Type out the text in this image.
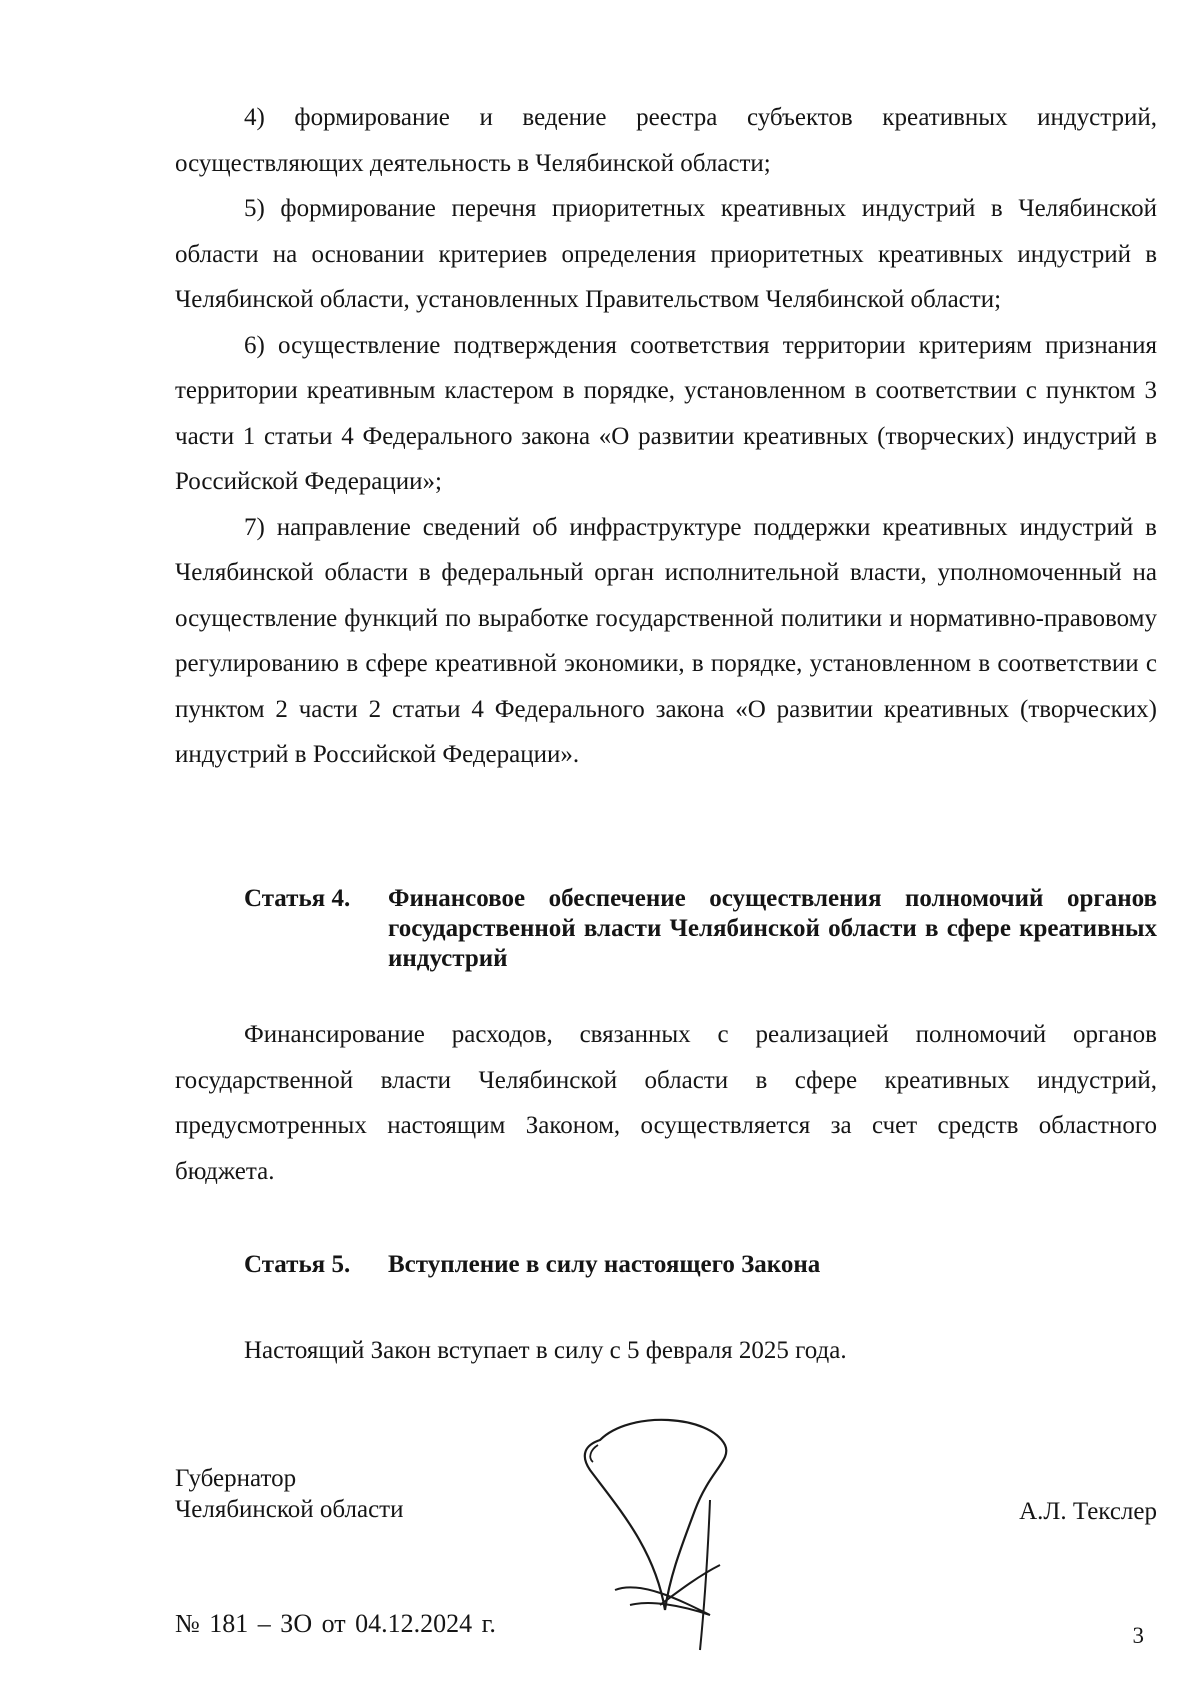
4) формирование и ведение реестра субъектов креативных индустрий, осуществляющих деятельность в Челябинской области;

5) формирование перечня приоритетных креативных индустрий в Челябинской области на основании критериев определения приоритетных креативных индустрий в Челябинской области, установленных Правительством Челябинской области;

6) осуществление подтверждения соответствия территории критериям признания территории креативным кластером в порядке, установленном в соответствии с пунктом 3 части 1 статьи 4 Федерального закона «О развитии креативных (творческих) индустрий в Российской Федерации»;

7) направление сведений об инфраструктуре поддержки креативных индустрий в Челябинской области в федеральный орган исполнительной власти, уполномоченный на осуществление функций по выработке государственной политики и нормативно-правовому регулированию в сфере креативной экономики, в порядке, установленном в соответствии с пунктом 2 части 2 статьи 4 Федерального закона «О развитии креативных (творческих) индустрий в Российской Федерации».

Статья 4.	Финансовое обеспечение осуществления полномочий органов государственной власти Челябинской области в сфере креативных индустрий

Финансирование расходов, связанных с реализацией полномочий органов государственной власти Челябинской области в сфере креативных индустрий, предусмотренных настоящим Законом, осуществляется за счет средств областного бюджета.

Статья 5.	Вступление в силу настоящего Закона

Настоящий Закон вступает в силу с 5 февраля 2025 года.

Губернатор
Челябинской области	А.Л. Текслер
№ 181 – ЗО от 04.12.2024 г.	3
